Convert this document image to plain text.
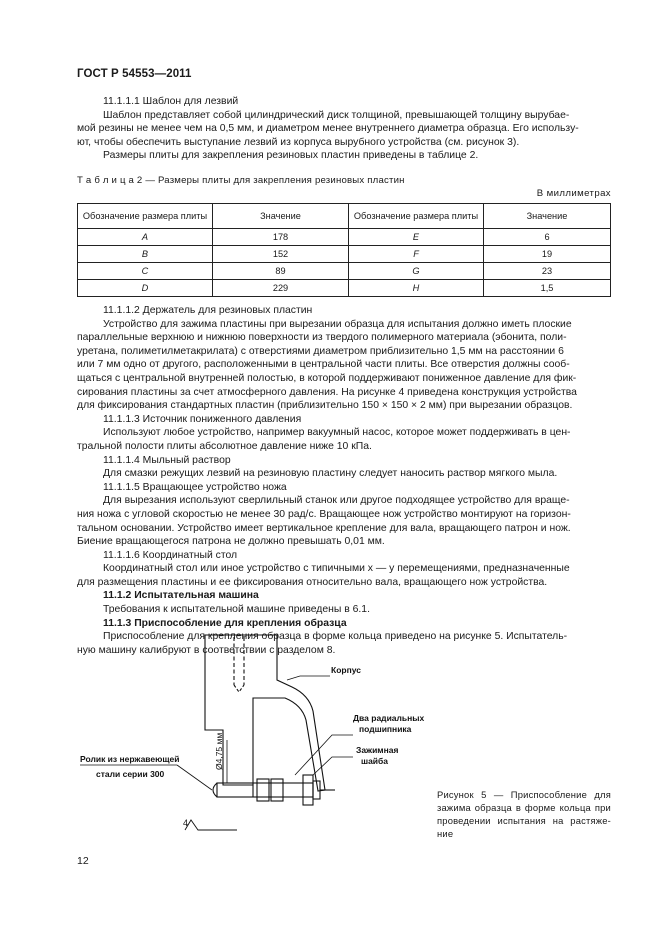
ГОСТ Р 54553—2011

11.1.1.1 Шаблон для лезвий

Шаблон представляет собой цилиндрический диск толщиной, превышающей толщину вырубае-

мой резины не менее чем на 0,5 мм, и диаметром менее внутреннего диаметра образца. Его использу-

ют, чтобы обеспечить выступание лезвий из корпуса вырубного устройства (см. рисунок 3).

Размеры плиты для закрепления резиновых пластин приведены в таблице 2.

Т а б л и ц а 2 — Размеры плиты для закрепления резиновых пластин
В миллиметрах
Обозначение размера плиты	Значение	Обозначение размера плиты	Значение
A	178	E	6
B	152	F	19
C	89	G	23
D	229	H	1,5

11.1.1.2 Держатель для резиновых пластин

Устройство для зажима пластины при вырезании образца для испытания должно иметь плоские

параллельные верхнюю и нижнюю поверхности из твердого полимерного материала (эбонита, поли-

уретана, полиметилметакрилата) с отверстиями диаметром приблизительно 1,5 мм на расстоянии 6

или 7 мм одно от другого, расположенными в центральной части плиты. Все отверстия должны сооб-

щаться с центральной внутренней полостью, в которой поддерживают пониженное давление для фик-

сирования пластины за счет атмосферного давления. На рисунке 4 приведена конструкция устройства

для фиксирования стандартных пластин (приблизительно 150 × 150 × 2 мм) при вырезании образцов.

11.1.1.3 Источник пониженного давления

Используют любое устройство, например вакуумный насос, которое может поддерживать в цен-

тральной полости плиты абсолютное давление ниже 10 кПа.

11.1.1.4 Мыльный раствор

Для смазки режущих лезвий на резиновую пластину следует наносить раствор мягкого мыла.

11.1.1.5 Вращающее устройство ножа

Для вырезания используют сверлильный станок или другое подходящее устройство для враще-

ния ножа с угловой скоростью не менее 30 рад/с. Вращающее нож устройство монтируют на горизон-

тальном основании. Устройство имеет вертикальное крепление для вала, вращающего патрон и нож.

Биение вращающегося патрона не должно превышать 0,01 мм.

11.1.1.6 Координатный стол

Координатный стол или иное устройство с типичными x — y перемещениями, предназначенные

для размещения пластины и ее фиксирования относительно вала, вращающего нож устройства.

11.1.2 Испытательная машина

Требования к испытательной машине приведены в 6.1.

11.1.3 Приспособление для крепления образца

Приспособление для крепления образца в форме кольца приведено на рисунке 5. Испытатель-

ную машину калибруют в соответствии с разделом 8.

Ø4,75 мм
4
Корпус
Два радиальных
подшипника
Зажимная
шайба
Ролик из нержавеющей
стали серии 300
Рисунок 5 — Приспособление для зажима образца в форме кольца при проведении испытания на растяже-ние
12
